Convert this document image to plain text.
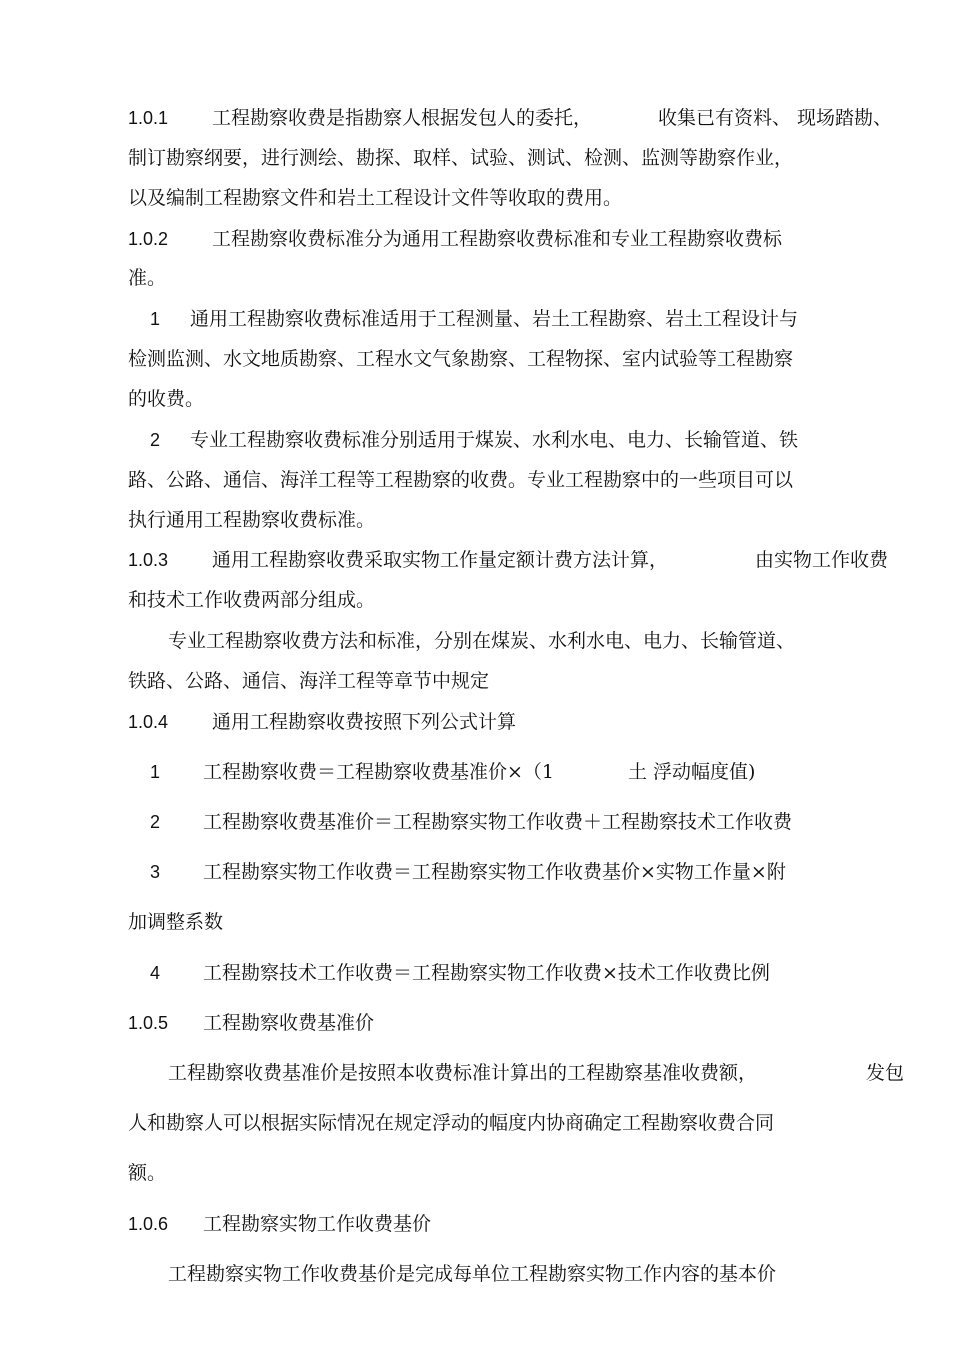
1.0.1 工程勘察收费是指勘察人根据发包人的委托，	收集已有资料、 现场踏勘、
制订勘察纲要，进行测绘、勘探、取样、试验、测试、检测、监测等勘察作业，
以及编制工程勘察文件和岩土工程设计文件等收取的费用。
1.0.2 工程勘察收费标准分为通用工程勘察收费标准和专业工程勘察收费标
准。
1 通用工程勘察收费标准适用于工程测量、岩土工程勘察、岩土工程设计与
检测监测、水文地质勘察、工程水文气象勘察、工程物探、室内试验等工程勘察
的收费。
2 专业工程勘察收费标准分别适用于煤炭、水利水电、电力、长输管道、铁
路、公路、通信、海洋工程等工程勘察的收费。专业工程勘察中的一些项目可以
执行通用工程勘察收费标准。
1.0.3 通用工程勘察收费采取实物工作量定额计费方法计算，	由实物工作收费
和技术工作收费两部分组成。
专业工程勘察收费方法和标准，分别在煤炭、水利水电、电力、长输管道、
铁路、公路、通信、海洋工程等章节中规定
1.0.4 通用工程勘察收费按照下列公式计算
1 工程勘察收费＝工程勘察收费基准价×（1	土 浮动幅度值)
2 工程勘察收费基准价＝工程勘察实物工作收费＋工程勘察技术工作收费
3 工程勘察实物工作收费＝工程勘察实物工作收费基价×实物工作量×附
加调整系数
4 工程勘察技术工作收费＝工程勘察实物工作收费×技术工作收费比例
1.0.5 工程勘察收费基准价
工程勘察收费基准价是按照本收费标准计算出的工程勘察基准收费额，	发包
人和勘察人可以根据实际情况在规定浮动的幅度内协商确定工程勘察收费合同
额。
1.0.6 工程勘察实物工作收费基价
工程勘察实物工作收费基价是完成每单位工程勘察实物工作内容的基本价
